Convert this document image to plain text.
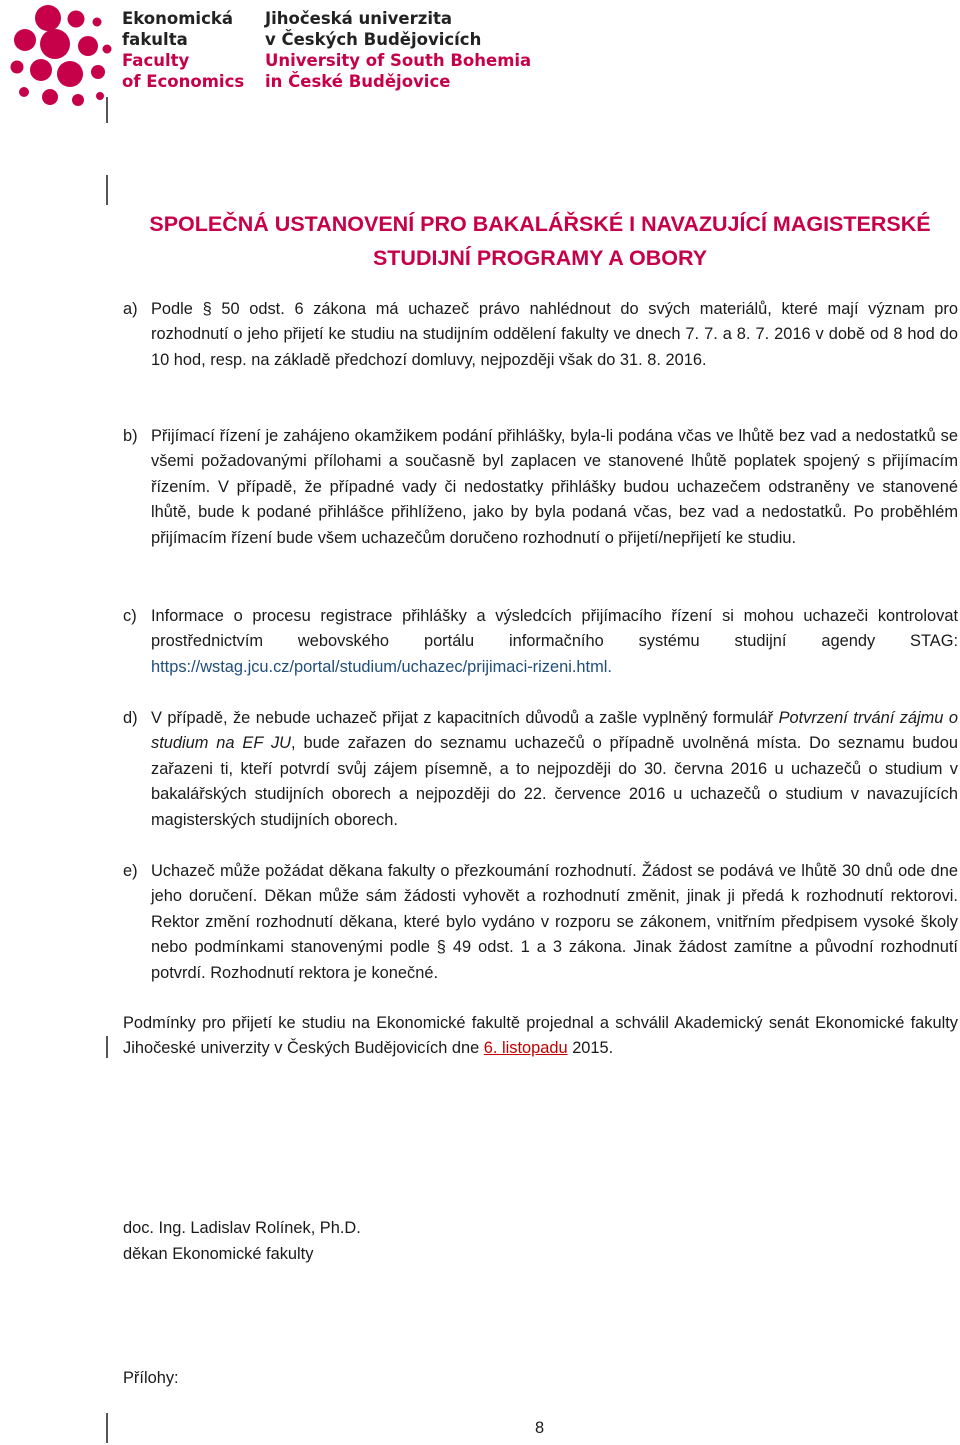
Ekonomická
fakulta
Faculty
of Economics
Jihočeská univerzita
v Českých Budějovicích
University of South Bohemia
in České Budějovice
SPOLEČNÁ USTANOVENÍ PRO BAKALÁŘSKÉ I NAVAZUJÍCÍ MAGISTERSKÉ
STUDIJNÍ PROGRAMY A OBORY
a) Podle § 50 odst. 6 zákona má uchazeč právo nahlédnout do svých materiálů, které mají význam pro rozhodnutí o jeho přijetí ke studiu na studijním oddělení fakulty ve dnech 7. 7. a 8. 7. 2016 v době od 8 hod do 10 hod, resp. na základě předchozí domluvy, nejpozději však do 31. 8. 2016.
b) Přijímací řízení je zahájeno okamžikem podání přihlášky, byla-li podána včas ve lhůtě bez vad a nedostatků se všemi požadovanými přílohami a současně byl zaplacen ve stanovené lhůtě poplatek spojený s přijímacím řízením. V případě, že případné vady či nedostatky přihlášky budou uchazečem odstraněny ve stanovené lhůtě, bude k podané přihlášce přihlíženo, jako by byla podaná včas, bez vad a nedostatků. Po proběhlém přijímacím řízení bude všem uchazečům doručeno rozhodnutí o přijetí/nepřijetí ke studiu.
c) Informace o procesu registrace přihlášky a výsledcích přijímacího řízení si mohou uchazeči kontrolovat prostřednictvím webovského portálu informačního systému studijní agendy STAG: https://wstag.jcu.cz/portal/studium/uchazec/prijimaci-rizeni.html.
d) V případě, že nebude uchazeč přijat z kapacitních důvodů a zašle vyplněný formulář Potvrzení trvání zájmu o studium na EF JU, bude zařazen do seznamu uchazečů o případně uvolněná místa. Do seznamu budou zařazeni ti, kteří potvrdí svůj zájem písemně, a to nejpozději do 30. června 2016 u uchazečů o studium v bakalářských studijních oborech a nejpozději do 22. července 2016 u uchazečů o studium v navazujících magisterských studijních oborech.
e) Uchazeč může požádat děkana fakulty o přezkoumání rozhodnutí. Žádost se podává ve lhůtě 30 dnů ode dne jeho doručení. Děkan může sám žádosti vyhovět a rozhodnutí změnit, jinak ji předá k rozhodnutí rektorovi. Rektor změní rozhodnutí děkana, které bylo vydáno v rozporu se zákonem, vnitřním předpisem vysoké školy nebo podmínkami stanovenými podle § 49 odst. 1 a 3 zákona. Jinak žádost zamítne a původní rozhodnutí potvrdí. Rozhodnutí rektora je konečné.
Podmínky pro přijetí ke studiu na Ekonomické fakultě projednal a schválil Akademický senát Ekonomické fakulty Jihočeské univerzity v Českých Budějovicích dne 6. listopadu 2015.
doc. Ing. Ladislav Rolínek, Ph.D.
děkan Ekonomické fakulty
Přílohy:
8
